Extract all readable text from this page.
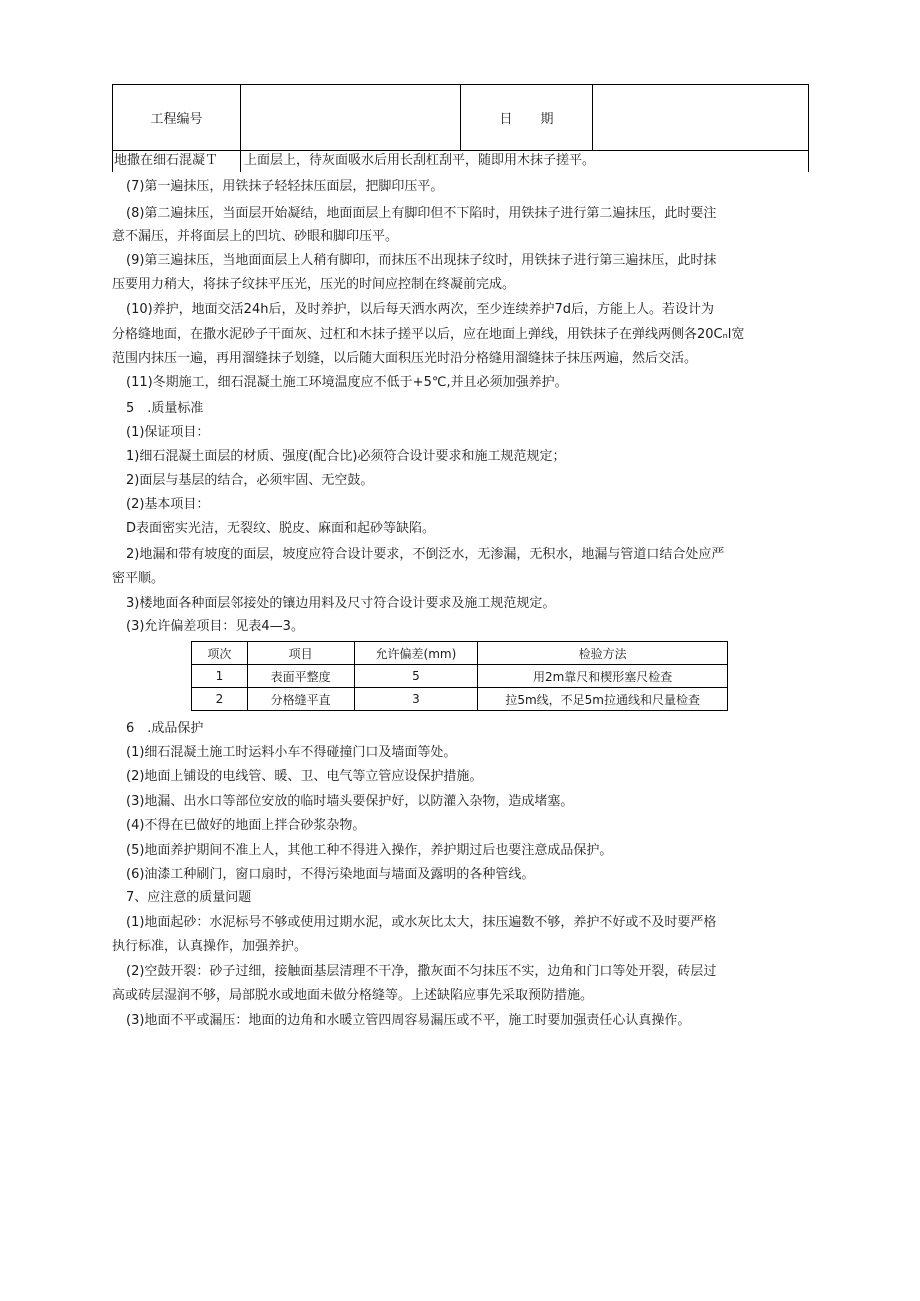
工程编号	日 期
地撒在细石混凝Ｔ 上面层上，待灰面吸水后用长刮杠刮平，随即用木抹子搓平。
(7)第一遍抹压，用铁抹子轻轻抹压面层，把脚印压平。
(8)第二遍抹压，当面层开始凝结，地面面层上有脚印但不下陷时，用铁抹子进行第二遍抹压，此时要注
意不漏压，并将面层上的凹坑、砂眼和脚印压平。
(9)第三遍抹压，当地面面层上人稍有脚印，而抹压不出现抹子纹时，用铁抹子进行第三遍抹压，此时抹
压要用力稍大，将抹子纹抹平压光，压光的时间应控制在终凝前完成。
(10)养护，地面交活24h后，及时养护，以后每天洒水两次，至少连续养护7d后，方能上人。若设计为
分格缝地面，在撒水泥砂子干面灰、过杠和木抹子搓平以后，应在地面上弹线，用铁抹子在弹线两侧各20Cₙl宽
范围内抹压一遍，再用溜缝抹子划缝，以后随大面积压光时沿分格缝用溜缝抹子抹压两遍，然后交活。
(11)冬期施工，细石混凝土施工环境温度应不低于+5℃,并且必须加强养护。
5　.质量标准
(1)保证项目：
1)细石混凝土面层的材质、强度(配合比)必须符合设计要求和施工规范规定；
2)面层与基层的结合，必须牢固、无空鼓。
(2)基本项目：
D表面密实光洁，无裂纹、脱皮、麻面和起砂等缺陷。
2)地漏和带有坡度的面层，坡度应符合设计要求，不倒泛水，无渗漏，无积水，地漏与管道口结合处应严
密平顺。
3)楼地面各种面层邻接处的镶边用料及尺寸符合设计要求及施工规范规定。
(3)允许偏差项目：见表4—3。
项次	项目	允许偏差(mm)	检验方法
1	表面平整度	5	用2m靠尺和楔形塞尺检查
2	分格缝平直	3	拉5m线，不足5m拉通线和尺量检查
6　.成品保护
(1)细石混凝土施工时运料小车不得碰撞门口及墙面等处。
(2)地面上铺设的电线管、暖、卫、电气等立管应设保护措施。
(3)地漏、出水口等部位安放的临时墙头要保护好，以防灌入杂物，造成堵塞。
(4)不得在已做好的地面上拌合砂浆杂物。
(5)地面养护期间不准上人，其他工种不得进入操作，养护期过后也要注意成品保护。
(6)油漆工种刷门，窗口扇时，不得污染地面与墙面及露明的各种管线。
7、应注意的质量问题
(1)地面起砂：水泥标号不够或使用过期水泥，或水灰比太大，抹压遍数不够，养护不好或不及时要严格
执行标准，认真操作，加强养护。
(2)空鼓开裂：砂子过细，接触面基层清理不干净，撒灰面不匀抹压不实，边角和门口等处开裂，砖层过
高或砖层湿润不够，局部脱水或地面未做分格缝等。上述缺陷应事先采取预防措施。
(3)地面不平或漏压：地面的边角和水暖立管四周容易漏压或不平，施工时要加强责任心认真操作。
